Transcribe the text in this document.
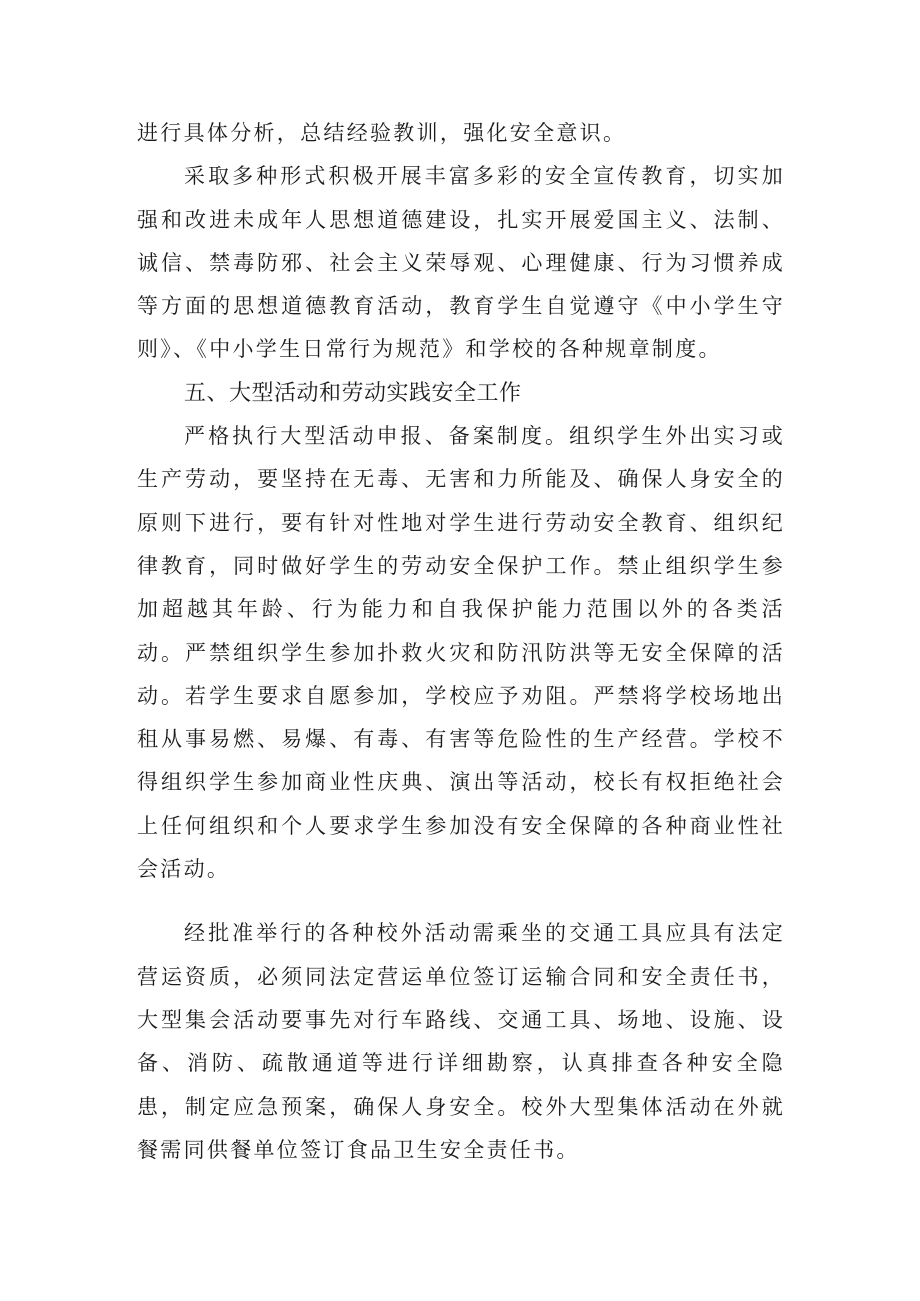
进行具体分析，总结经验教训，强化安全意识。

采取多种形式积极开展丰富多彩的安全宣传教育，切实加强和改进未成年人思想道德建设，扎实开展爱国主义、法制、诚信、禁毒防邪、社会主义荣辱观、心理健康、行为习惯养成等方面的思想道德教育活动，教育学生自觉遵守《中小学生守则》、《中小学生日常行为规范》和学校的各种规章制度。

五、大型活动和劳动实践安全工作

严格执行大型活动申报、备案制度。组织学生外出实习或生产劳动，要坚持在无毒、无害和力所能及、确保人身安全的原则下进行，要有针对性地对学生进行劳动安全教育、组织纪律教育，同时做好学生的劳动安全保护工作。禁止组织学生参加超越其年龄、行为能力和自我保护能力范围以外的各类活动。严禁组织学生参加扑救火灾和防汛防洪等无安全保障的活动。若学生要求自愿参加，学校应予劝阻。严禁将学校场地出租从事易燃、易爆、有毒、有害等危险性的生产经营。学校不得组织学生参加商业性庆典、演出等活动，校长有权拒绝社会上任何组织和个人要求学生参加没有安全保障的各种商业性社会活动。

经批准举行的各种校外活动需乘坐的交通工具应具有法定营运资质，必须同法定营运单位签订运输合同和安全责任书，大型集会活动要事先对行车路线、交通工具、场地、设施、设备、消防、疏散通道等进行详细勘察，认真排查各种安全隐患，制定应急预案，确保人身安全。校外大型集体活动在外就餐需同供餐单位签订食品卫生安全责任书。
